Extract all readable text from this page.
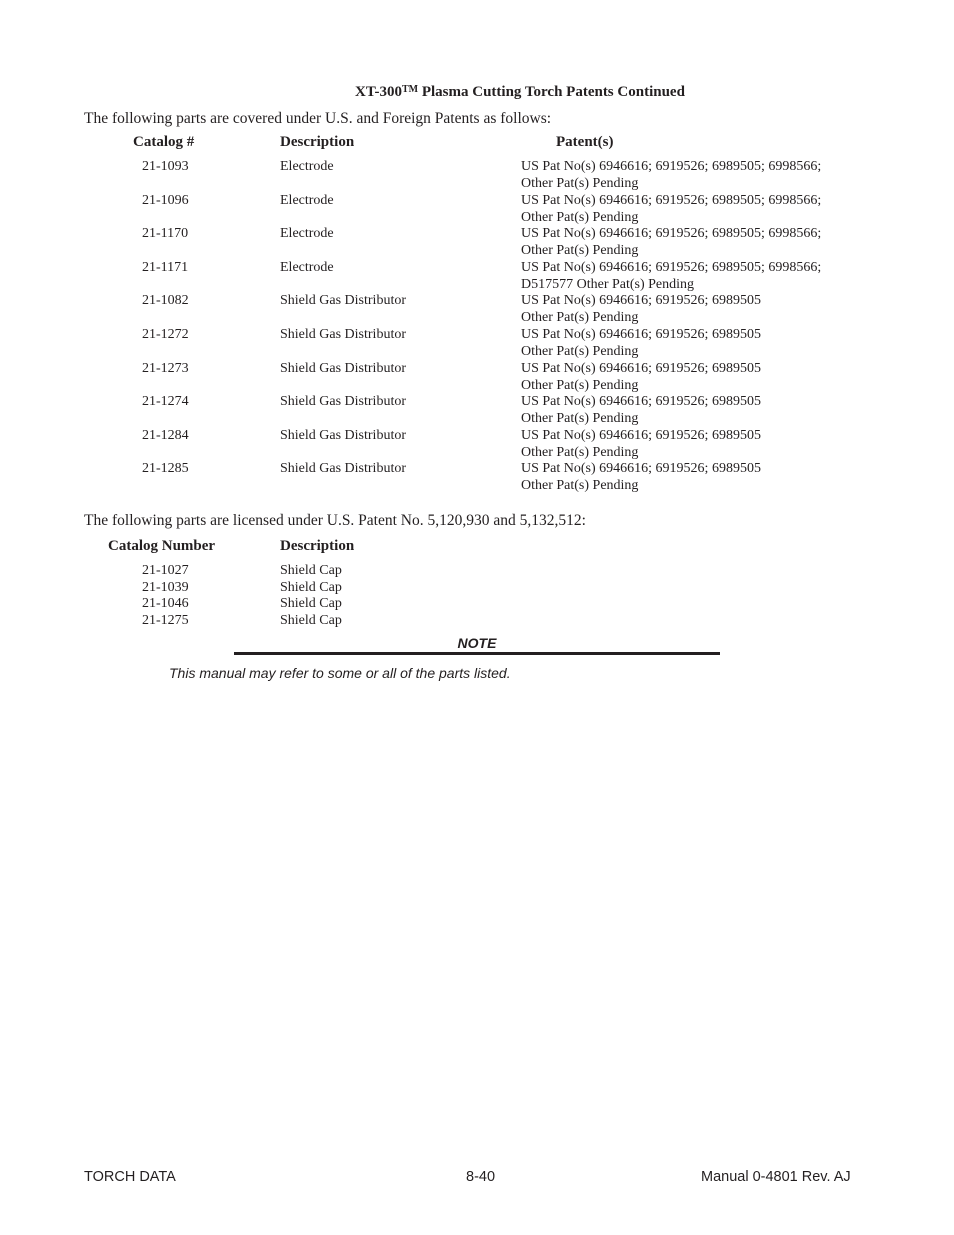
XT-300™ Plasma Cutting Torch Patents Continued
The following parts are covered under U.S. and Foreign Patents as follows:
Catalog #	Description	Patent(s)
21-1093	Electrode	US Pat No(s) 6946616; 6919526; 6989505; 6998566;
Other Pat(s) Pending
21-1096	Electrode	US Pat No(s) 6946616; 6919526; 6989505; 6998566;
Other Pat(s) Pending
21-1170	Electrode	US Pat No(s) 6946616; 6919526; 6989505; 6998566;
Other Pat(s) Pending
21-1171	Electrode	US Pat No(s) 6946616; 6919526; 6989505; 6998566;
D517577 Other Pat(s) Pending
21-1082	Shield Gas Distributor	US Pat No(s) 6946616; 6919526; 6989505
Other Pat(s) Pending
21-1272	Shield Gas Distributor	US Pat No(s) 6946616; 6919526; 6989505
Other Pat(s) Pending
21-1273	Shield Gas Distributor	US Pat No(s) 6946616; 6919526; 6989505
Other Pat(s) Pending
21-1274	Shield Gas Distributor	US Pat No(s) 6946616; 6919526; 6989505
Other Pat(s) Pending
21-1284	Shield Gas Distributor	US Pat No(s) 6946616; 6919526; 6989505
Other Pat(s) Pending
21-1285	Shield Gas Distributor	US Pat No(s) 6946616; 6919526; 6989505
Other Pat(s) Pending
The following parts are licensed under U.S. Patent No. 5,120,930 and 5,132,512:
Catalog Number	Description
21-1027	Shield Cap
21-1039	Shield Cap
21-1046	Shield Cap
21-1275	Shield Cap
NOTE
This manual may refer to some or all of the parts listed.
TORCH DATA	8-40	Manual 0-4801 Rev. AJ
